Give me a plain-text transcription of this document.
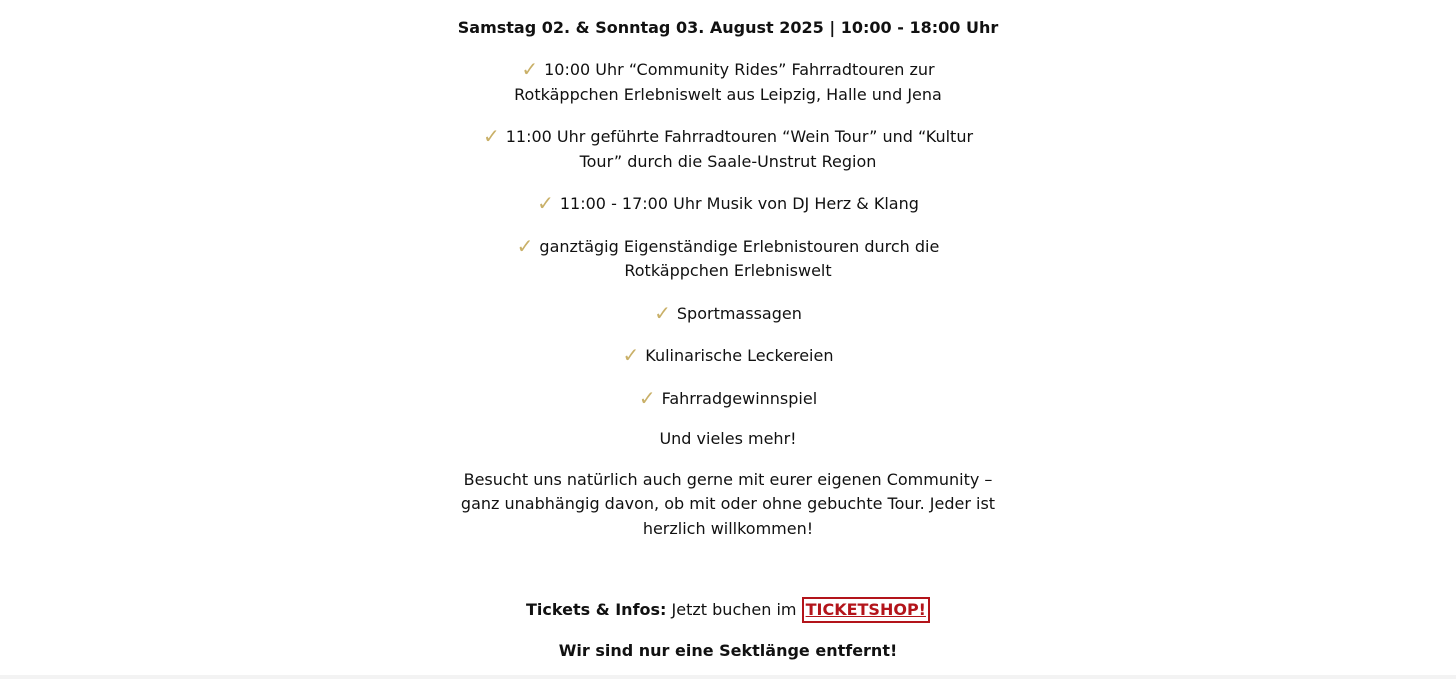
Samstag 02. & Sonntag 03. August 2025 | 10:00 - 18:00 Uhr

✓ 10:00 Uhr “Community Rides” Fahrradtouren zur Rotkäppchen Erlebniswelt aus Leipzig, Halle und Jena

✓ 11:00 Uhr geführte Fahrradtouren “Wein Tour” und “Kultur Tour” durch die Saale-Unstrut Region

✓ 11:00 - 17:00 Uhr Musik von DJ Herz & Klang

✓ ganztägig Eigenständige Erlebnistouren durch die Rotkäppchen Erlebniswelt

✓ Sportmassagen

✓ Kulinarische Leckereien

✓ Fahrradgewinnspiel

Und vieles mehr!

Besucht uns natürlich auch gerne mit eurer eigenen Community – ganz unabhängig davon, ob mit oder ohne gebuchte Tour. Jeder ist herzlich willkommen!

Tickets & Infos: Jetzt buchen im TICKETSHOP!

Wir sind nur eine Sektlänge entfernt!
